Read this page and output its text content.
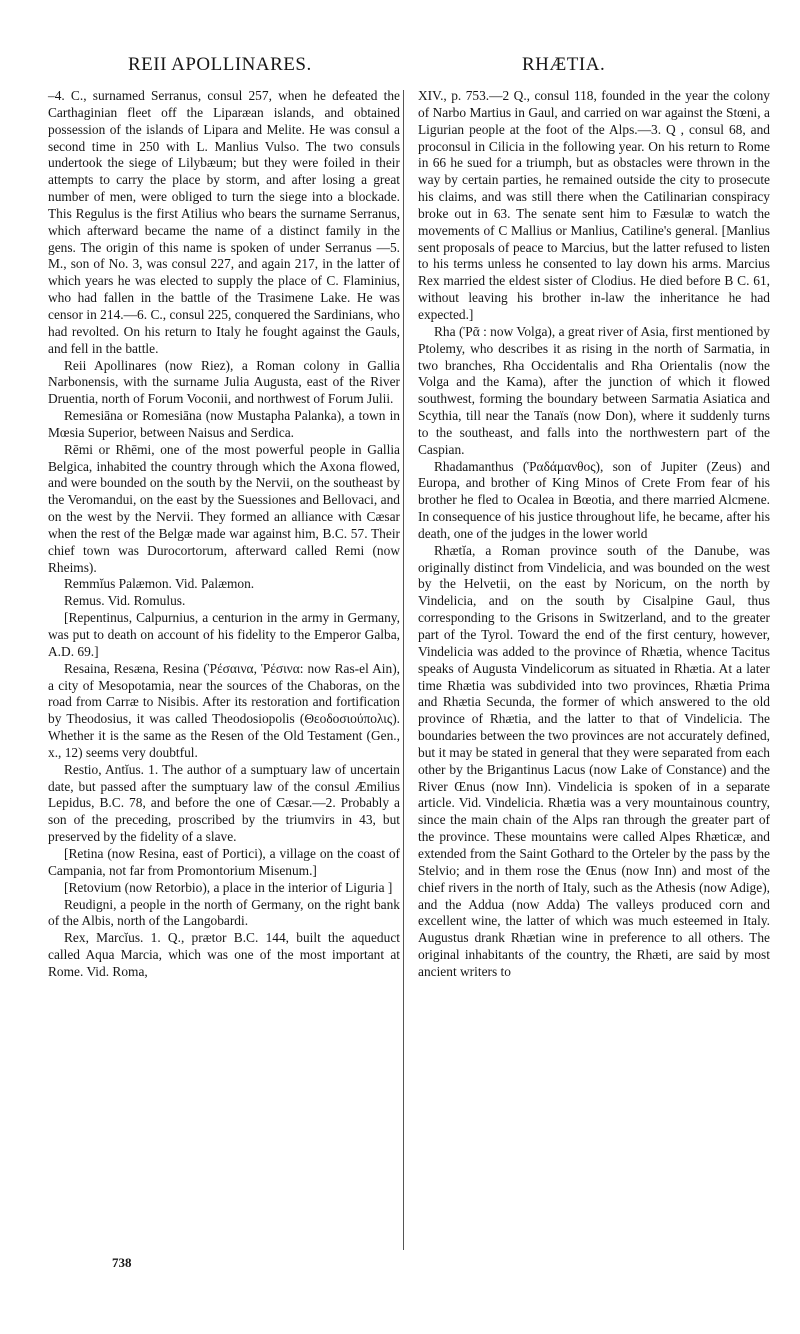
REII APOLLINARES.	RHÆTIA.

–4. C., surnamed Serranus, consul 257, when he defeated the Carthaginian fleet off the Liparæan islands, and obtained possession of the islands of Lipara and Melite. He was consul a second time in 250 with L. Manlius Vulso. The two consuls undertook the siege of Lilybæum; but they were foiled in their attempts to carry the place by storm, and after losing a great number of men, were obliged to turn the siege into a blockade. This Regulus is the first Atilius who bears the surname Serranus, which afterward became the name of a distinct family in the gens. The origin of this name is spoken of under Serranus —5. M., son of No. 3, was consul 227, and again 217, in the latter of which years he was elected to supply the place of C. Flaminius, who had fallen in the battle of the Trasimene Lake. He was censor in 214.—6. C., consul 225, conquered the Sardinians, who had revolted. On his return to Italy he fought against the Gauls, and fell in the battle.

Reii Apollinares (now Riez), a Roman colony in Gallia Narbonensis, with the surname Julia Augusta, east of the River Druentia, north of Forum Voconii, and northwest of Forum Julii.

Remesiāna or Romesiāna (now Mustapha Palanka), a town in Mœsia Superior, between Naisus and Serdica.

Rēmi or Rhēmi, one of the most powerful people in Gallia Belgica, inhabited the country through which the Axona flowed, and were bounded on the south by the Nervii, on the southeast by the Veromandui, on the east by the Suessiones and Bellovaci, and on the west by the Nervii. They formed an alliance with Cæsar when the rest of the Belgæ made war against him, B.C. 57. Their chief town was Durocortorum, afterward called Remi (now Rheims).

Remmĭus Palæmon. Vid. Palæmon.

Remus. Vid. Romulus.

[Repentinus, Calpurnius, a centurion in the army in Germany, was put to death on account of his fidelity to the Emperor Galba, A.D. 69.]

Resaina, Resæna, Resina (Ῥέσαινα, Ῥέσινα: now Ras-el Ain), a city of Mesopotamia, near the sources of the Chaboras, on the road from Carræ to Nisibis. After its restoration and fortification by Theodosius, it was called Theodosiopolis (Θεοδοσιούπολις). Whether it is the same as the Resen of the Old Testament (Gen., x., 12) seems very doubtful.

Restio, Antĭus. 1. The author of a sumptuary law of uncertain date, but passed after the sumptuary law of the consul Æmilius Lepidus, B.C. 78, and before the one of Cæsar.—2. Probably a son of the preceding, proscribed by the triumvirs in 43, but preserved by the fidelity of a slave.

[Retina (now Resina, east of Portici), a village on the coast of Campania, not far from Promontorium Misenum.]

[Retovium (now Retorbio), a place in the interior of Liguria ]

Reudigni, a people in the north of Germany, on the right bank of the Albis, north of the Langobardi.

Rex, Marcĭus. 1. Q., prætor B.C. 144, built the aqueduct called Aqua Marcia, which was one of the most important at Rome. Vid. Roma,

XIV., p. 753.—2 Q., consul 118, founded in the year the colony of Narbo Martius in Gaul, and carried on war against the Stœni, a Ligurian people at the foot of the Alps.—3. Q , consul 68, and proconsul in Cilicia in the following year. On his return to Rome in 66 he sued for a triumph, but as obstacles were thrown in the way by certain parties, he remained outside the city to prosecute his claims, and was still there when the Catilinarian conspiracy broke out in 63. The senate sent him to Fæsulæ to watch the movements of C Mallius or Manlius, Catiline's general. [Manlius sent proposals of peace to Marcius, but the latter refused to listen to his terms unless he consented to lay down his arms. Marcius Rex married the eldest sister of Clodius. He died before B C. 61, without leaving his brother in-law the inheritance he had expected.]

Rha (Ῥᾶ : now Volga), a great river of Asia, first mentioned by Ptolemy, who describes it as rising in the north of Sarmatia, in two branches, Rha Occidentalis and Rha Orientalis (now the Volga and the Kama), after the junction of which it flowed southwest, forming the boundary between Sarmatia Asiatica and Scythia, till near the Tanaïs (now Don), where it suddenly turns to the southeast, and falls into the northwestern part of the Caspian.

Rhadamanthus (Ῥαδάμανθος), son of Jupiter (Zeus) and Europa, and brother of King Minos of Crete From fear of his brother he fled to Ocalea in Bœotia, and there married Alcmene. In consequence of his justice throughout life, he became, after his death, one of the judges in the lower world

Rhætĭa, a Roman province south of the Danube, was originally distinct from Vindelicia, and was bounded on the west by the Helvetii, on the east by Noricum, on the north by Vindelicia, and on the south by Cisalpine Gaul, thus corresponding to the Grisons in Switzerland, and to the greater part of the Tyrol. Toward the end of the first century, however, Vindelicia was added to the province of Rhætia, whence Tacitus speaks of Augusta Vindelicorum as situated in Rhætia. At a later time Rhætia was subdivided into two provinces, Rhætia Prima and Rhætia Secunda, the former of which answered to the old province of Rhætia, and the latter to that of Vindelicia. The boundaries between the two provinces are not accurately defined, but it may be stated in general that they were separated from each other by the Brigantinus Lacus (now Lake of Constance) and the River Œnus (now Inn). Vindelicia is spoken of in a separate article. Vid. Vindelicia. Rhætia was a very mountainous country, since the main chain of the Alps ran through the greater part of the province. These mountains were called Alpes Rhæticæ, and extended from the Saint Gothard to the Orteler by the pass by the Stelvio; and in them rose the Œnus (now Inn) and most of the chief rivers in the north of Italy, such as the Athesis (now Adige), and the Addua (now Adda) The valleys produced corn and excellent wine, the latter of which was much esteemed in Italy. Augustus drank Rhætian wine in preference to all others. The original inhabitants of the country, the Rhæti, are said by most ancient writers to

738
